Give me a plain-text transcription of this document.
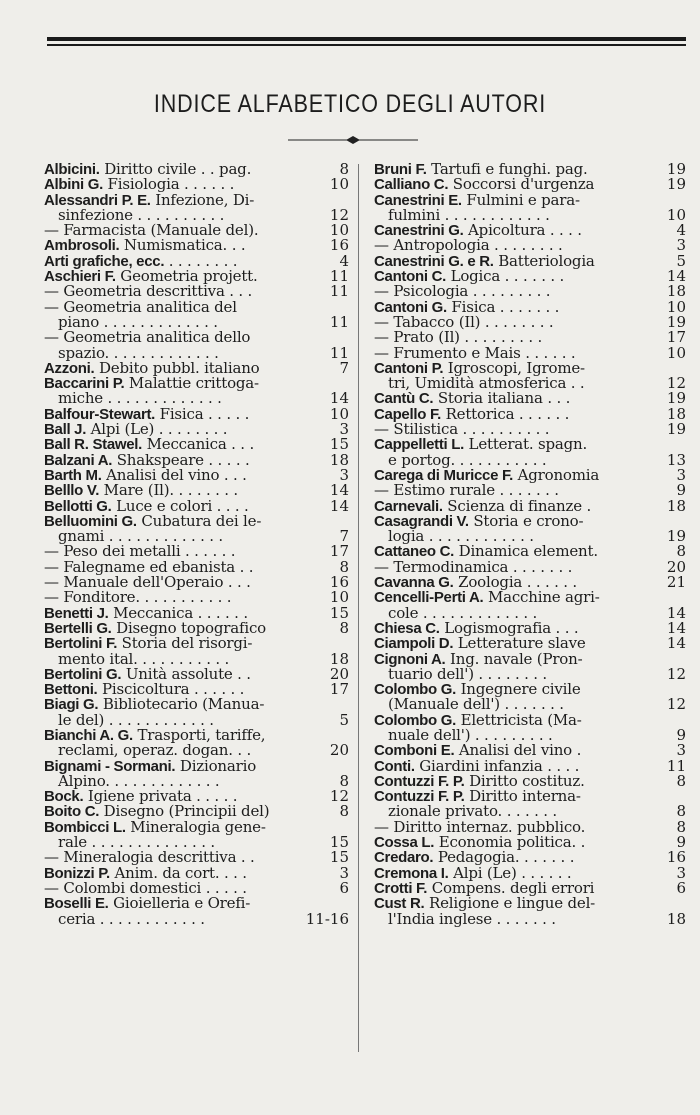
INDICE ALFABETICO DEGLI AUTORI
Albicini. Diritto civile . . pag.	8
Albini G. Fisiologia . . . . . .	10
Alessandri P. E. Infezione, Di-
sinfezione . . . . . . . . . .	12
— Farmacista (Manuale del).	10
Ambrosoli. Numismatica. . .	16
Arti grafiche, ecc. . . . . . . . .	4
Aschieri F. Geometria projett.	11
— Geometria descrittiva . . .	11
— Geometria analitica del
piano . . . . . . . . . . . . .	11
— Geometria analitica dello
spazio. . . . . . . . . . . . .	11
Azzoni. Debito pubbl. italiano	7
Baccarini P. Malattie crittoga-
miche . . . . . . . . . . . . .	14
Balfour-Stewart. Fisica . . . . .	10
Ball J. Alpi (Le) . . . . . . . .	3
Ball R. Stawel. Meccanica . . .	15
Balzani A. Shakspeare . . . . .	18
Barth M. Analisi del vino . . .	3
Belllo V. Mare (Il). . . . . . . .	14
Bellotti G. Luce e colori . . . .	14
Belluomini G. Cubatura dei le-
gnami . . . . . . . . . . . . .	7
— Peso dei metalli . . . . . .	17
— Falegname ed ebanista . .	8
— Manuale dell'Operaio . . .	16
— Fonditore. . . . . . . . . . .	10
Benetti J. Meccanica . . . . . .	15
Bertelli G. Disegno topografico	8
Bertolini F. Storia del risorgi-
mento ital. . . . . . . . . . .	18
Bertolini G. Unità assolute . .	20
Bettoni. Piscicoltura . . . . . .	17
Biagi G. Bibliotecario (Manua-
le del) . . . . . . . . . . . .	5
Bianchi A. G. Trasporti, tariffe,
reclami, operaz. dogan. . .	20
Bignami - Sormani. Dizionario
Alpino. . . . . . . . . . . . .	8
Bock. Igiene privata . . . . .	12
Boito C. Disegno (Principii del)	8
Bombicci L. Mineralogia gene-
rale . . . . . . . . . . . . . .	15
— Mineralogia descrittiva . .	15
Bonizzi P. Anim. da cort. . . .	3
— Colombi domestici . . . . .	6
Boselli E. Gioielleria e Orefi-
ceria . . . . . . . . . . . .	11-16
Bruni F. Tartufi e funghi. pag.	19
Calliano C. Soccorsi d'urgenza	19
Canestrini E. Fulmini e para-
fulmini . . . . . . . . . . . .	10
Canestrini G. Apicoltura . . . .	4
— Antropologia . . . . . . . .	3
Canestrini G. e R. Batteriologia	5
Cantoni C. Logica . . . . . . .	14
— Psicologia . . . . . . . . .	18
Cantoni G. Fisica . . . . . . .	10
— Tabacco (Il) . . . . . . . .	19
— Prato (Il) . . . . . . . . .	17
— Frumento e Mais . . . . . .	10
Cantoni P. Igroscopi, Igrome-
tri, Umidità atmosferica . .	12
Cantù C. Storia italiana . . .	19
Capello F. Rettorica . . . . . .	18
— Stilistica . . . . . . . . . .	19
Cappelletti L. Letterat. spagn.
e portog. . . . . . . . . . .	13
Carega di Muricce F. Agronomia	3
— Estimo rurale . . . . . . .	9
Carnevali. Scienza di finanze .	18
Casagrandi V. Storia e crono-
logia . . . . . . . . . . . .	19
Cattaneo C. Dinamica element.	8
— Termodinamica . . . . . . .	20
Cavanna G. Zoologia . . . . . .	21
Cencelli-Perti A. Macchine agri-
cole . . . . . . . . . . . . .	14
Chiesa C. Logismografia . . .	14
Ciampoli D. Letterature slave	14
Cignoni A. Ing. navale (Pron-
tuario dell') . . . . . . . .	12
Colombo G. Ingegnere civile
(Manuale dell') . . . . . . .	12
Colombo G. Elettricista (Ma-
nuale dell') . . . . . . . . .	9
Comboni E. Analisi del vino .	3
Conti. Giardini infanzia . . . .	11
Contuzzi F. P. Diritto costituz.	8
Contuzzi F. P. Diritto interna-
zionale privato. . . . . . .	8
— Diritto internaz. pubblico.	8
Cossa L. Economia politica. .	9
Credaro. Pedagogia. . . . . . .	16
Cremona I. Alpi (Le) . . . . . .	3
Crotti F. Compens. degli errori	6
Cust R. Religione e lingue del-
l'India inglese . . . . . . .	18
